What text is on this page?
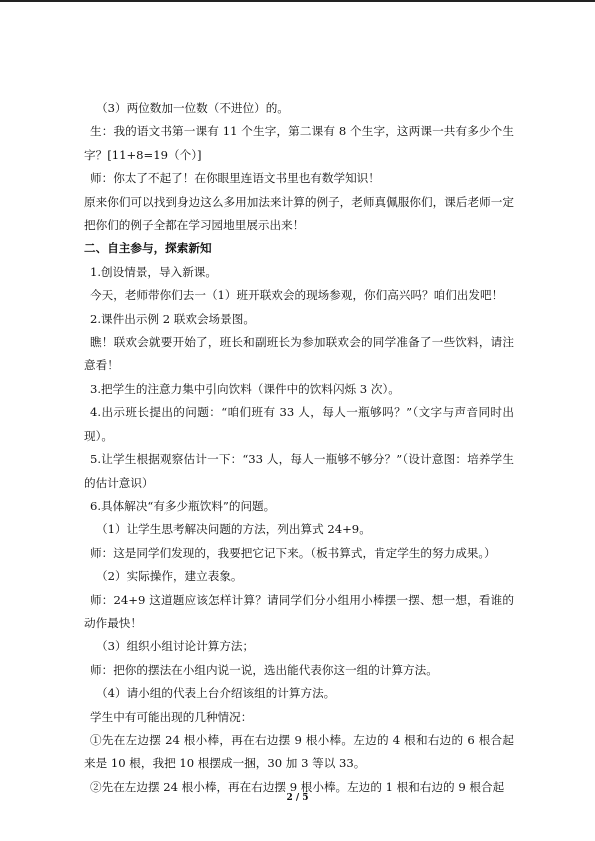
（3）两位数加一位数（不进位）的。

生：我的语文书第一课有 11 个生字，第二课有 8 个生字，这两课一共有多少个生字？[11+8=19（个）]

师：你太了不起了！在你眼里连语文书里也有数学知识！

原来你们可以找到身边这么多用加法来计算的例子，老师真佩服你们，课后老师一定把你们的例子全都在学习园地里展示出来！

二、自主参与，探索新知

1.创设情景，导入新课。

今天，老师带你们去一（1）班开联欢会的现场参观，你们高兴吗？咱们出发吧！

2.课件出示例 2 联欢会场景图。

瞧！联欢会就要开始了，班长和副班长为参加联欢会的同学准备了一些饮料，请注意看！

3.把学生的注意力集中引向饮料（课件中的饮料闪烁 3 次）。

4.出示班长提出的问题：“咱们班有 33 人，每人一瓶够吗？”（文字与声音同时出现）。

5.让学生根据观察估计一下：“33 人，每人一瓶够不够分？”（设计意图：培养学生的估计意识）

6.具体解决“有多少瓶饮料”的问题。

（1）让学生思考解决问题的方法，列出算式 24+9。

师：这是同学们发现的，我要把它记下来。（板书算式，肯定学生的努力成果。）

（2）实际操作，建立表象。

师：24+9 这道题应该怎样计算？请同学们分小组用小棒摆一摆、想一想，看谁的动作最快！

（3）组织小组讨论计算方法；

师：把你的摆法在小组内说一说，选出能代表你这一组的计算方法。

（4）请小组的代表上台介绍该组的计算方法。

学生中有可能出现的几种情况：

①先在左边摆 24 根小棒，再在右边摆 9 根小棒。左边的 4 根和右边的 6 根合起来是 10 根，我把 10 根摆成一捆，30 加 3 等以 33。

②先在左边摆 24 根小棒，再在右边摆 9 根小棒。左边的 1 根和右边的 9 根合起

2 / 5
